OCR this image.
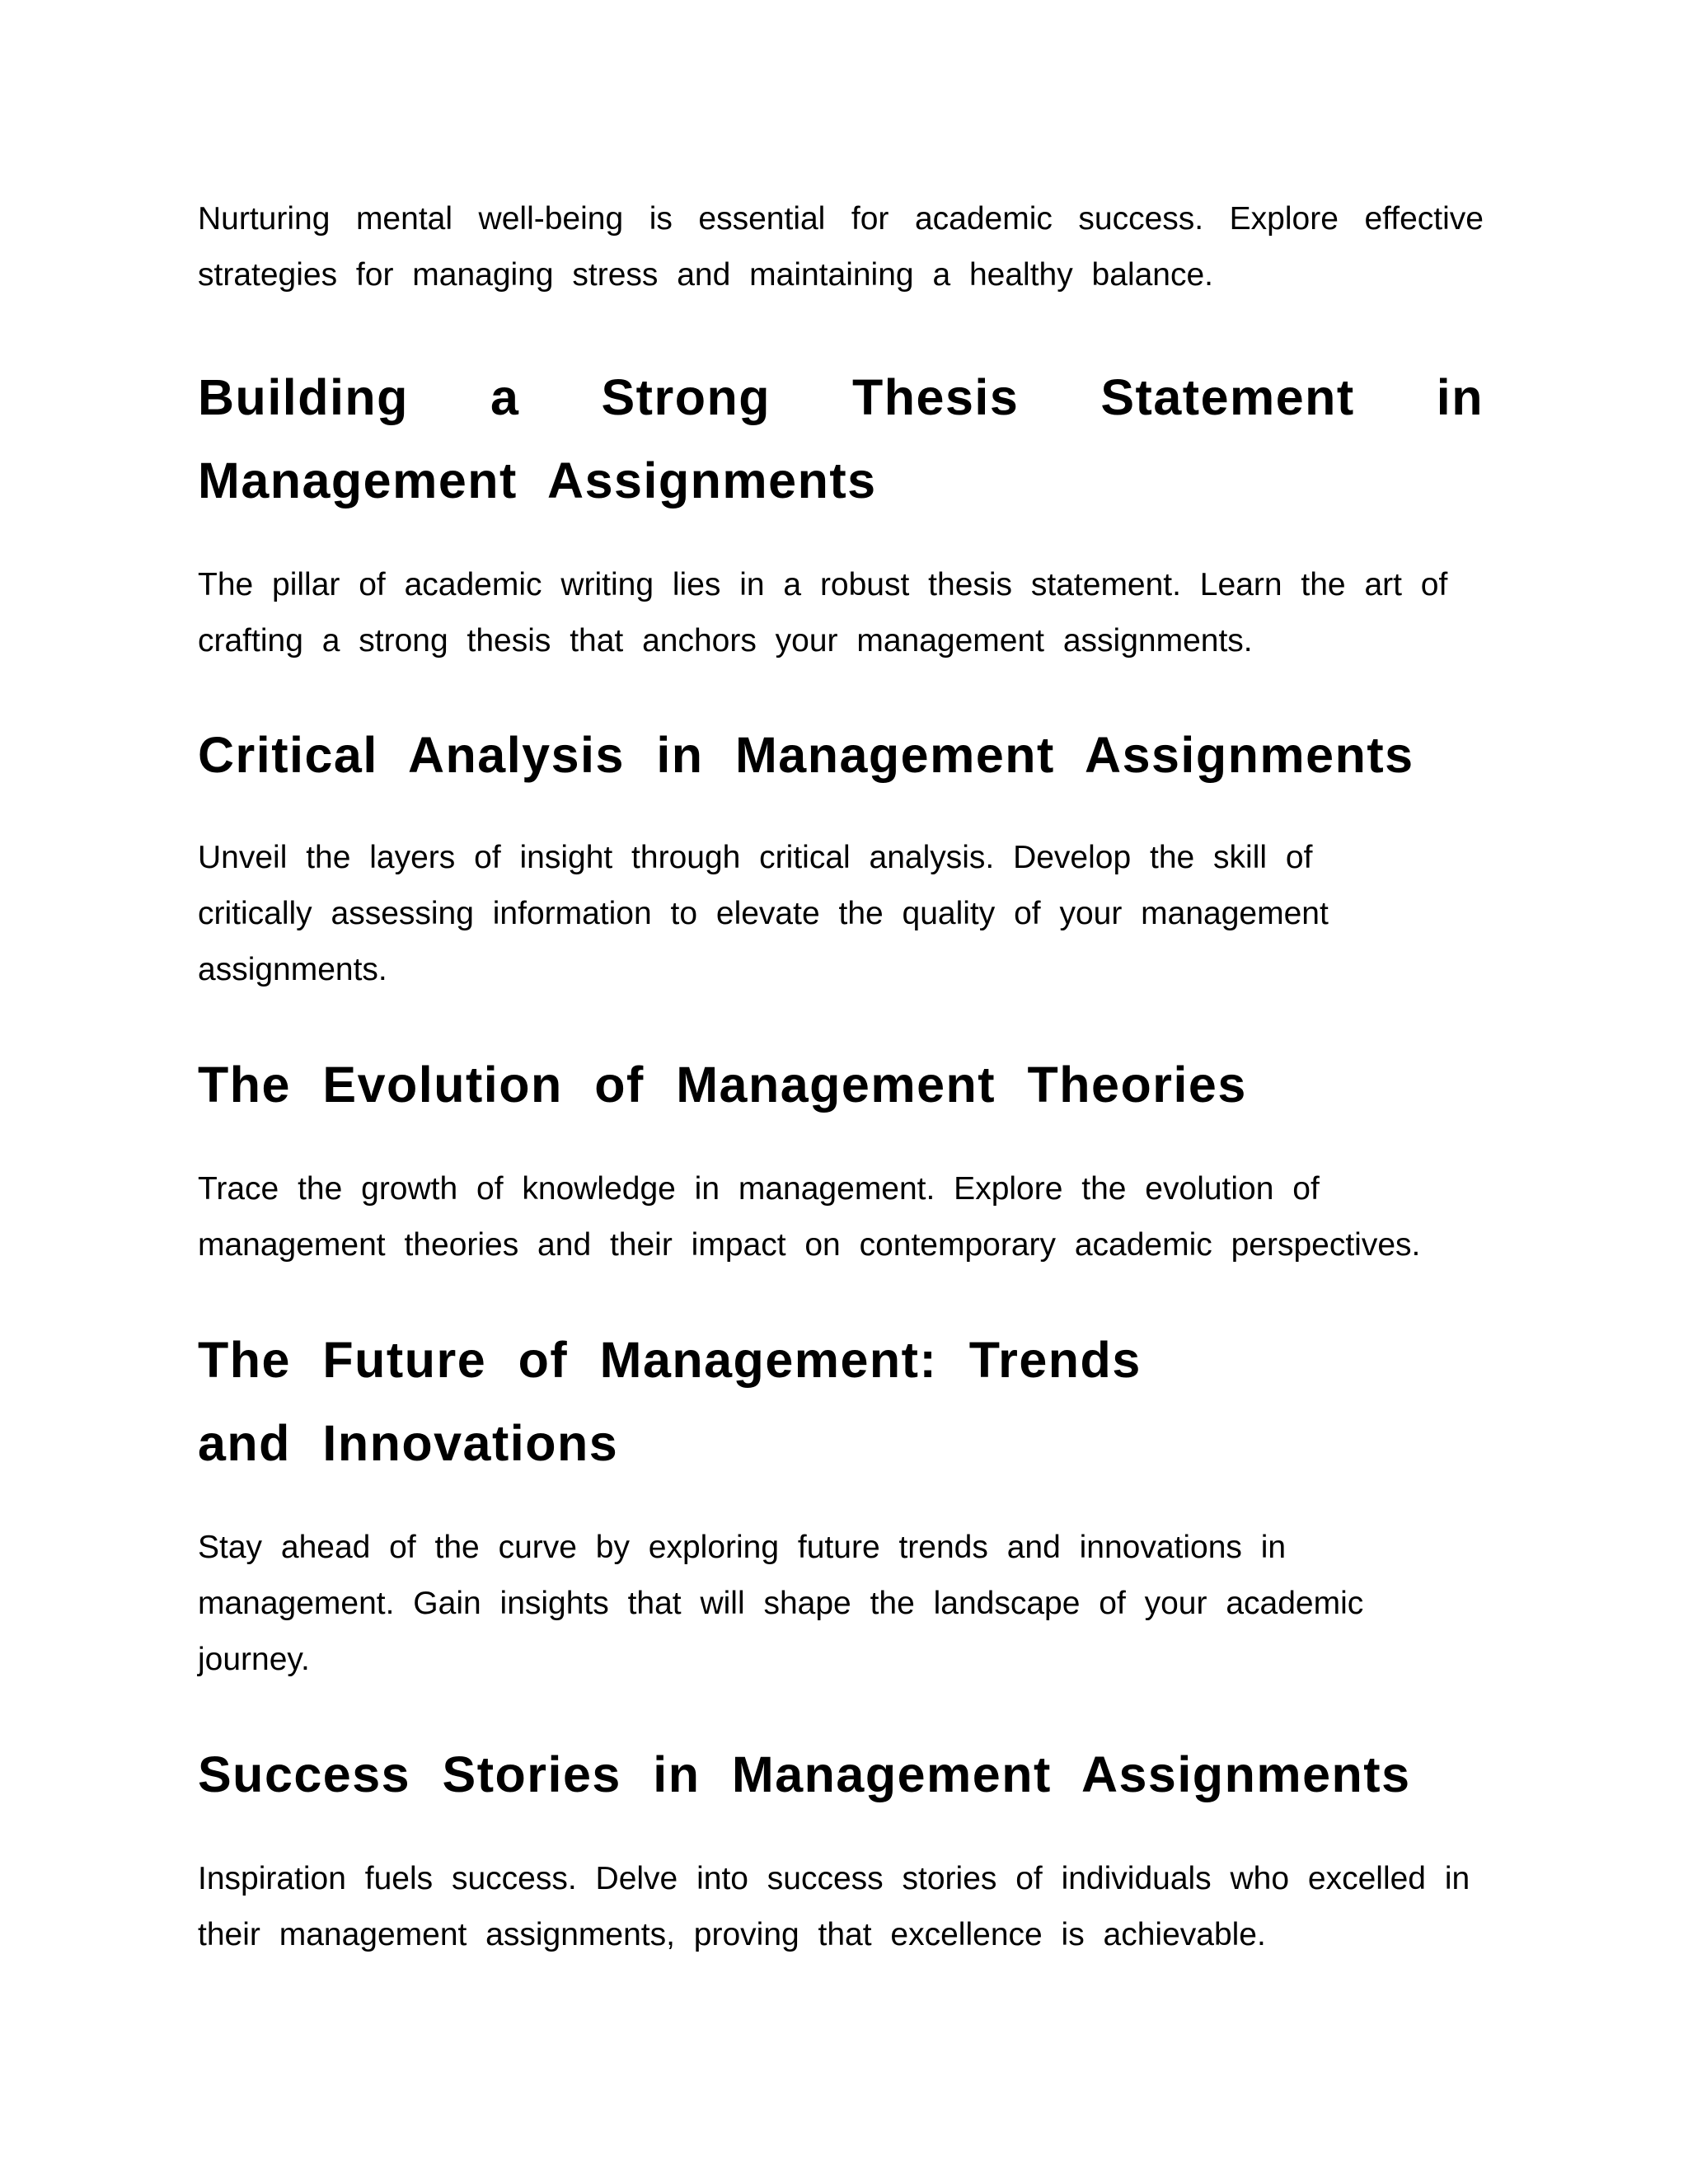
Nurturing mental well-being is essential for academic success. Explore effective strategies for managing stress and maintaining a healthy balance.

Building a Strong Thesis Statement in Management Assignments

The pillar of academic writing lies in a robust thesis statement. Learn the art of crafting a strong thesis that anchors your management assignments.

Critical Analysis in Management Assignments

Unveil the layers of insight through critical analysis. Develop the skill of critically assessing information to elevate the quality of your management assignments.

The Evolution of Management Theories

Trace the growth of knowledge in management. Explore the evolution of management theories and their impact on contemporary academic perspectives.

The Future of Management: Trends and Innovations

Stay ahead of the curve by exploring future trends and innovations in management. Gain insights that will shape the landscape of your academic journey.

Success Stories in Management Assignments

Inspiration fuels success. Delve into success stories of individuals who excelled in their management assignments, proving that excellence is achievable.
